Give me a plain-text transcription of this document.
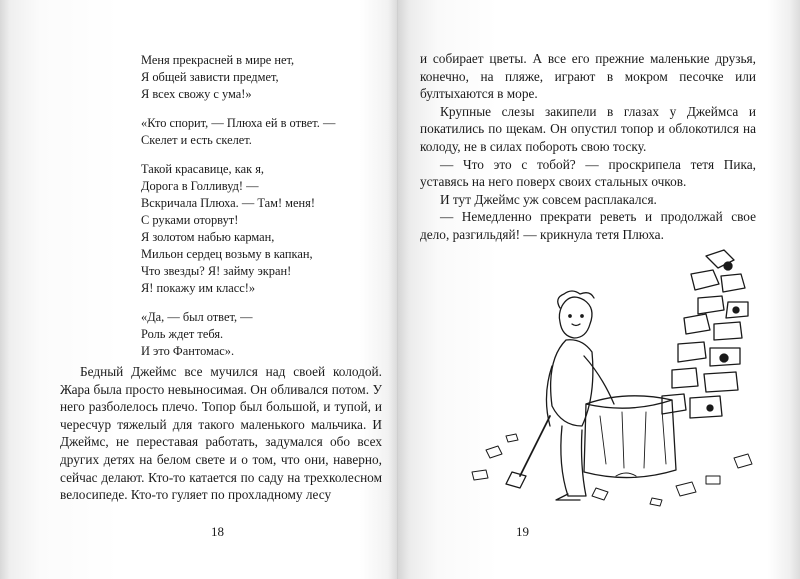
Меня прекрасней в мире нет,
Я общей зависти предмет,
Я всех свожу с ума!»
«Кто спорит, — Плюха ей в ответ. —
Скелет и есть скелет.
Такой красавице, как я,
Дорога в Голливуд! —
Вскричала Плюха. — Там! меня!
С руками оторвут!
Я золотом набью карман,
Мильон сердец возьму в капкан,
Что звезды? Я! займу экран!
Я! покажу им класс!»
«Да, — был ответ, —
Роль ждет тебя.
И это Фантомас».

Бедный Джеймс все мучился над своей колодой. Жара была просто невыносимая. Он обливался потом. У него разболелось плечо. Топор был большой, и тупой, и чересчур тяжелый для такого маленького мальчика. И Джеймс, не переставая работать, задумался обо всех других детях на белом свете и о том, что они, наверно, сейчас делают. Кто-то катается по саду на трехколесном велосипеде. Кто-то гуляет по прохладному лесу

18

и собирает цветы. А все его прежние маленькие друзья, конечно, на пляже, играют в мокром песочке или бултыхаются в море.

Крупные слезы закипели в глазах у Джеймса и покатились по щекам. Он опустил топор и облокотился на колоду, не в силах побороть свою тоску.

— Что это с тобой? — проскрипела тетя Пика, уставясь на него поверх своих стальных очков.

И тут Джеймс уж совсем расплакался.

— Немедленно прекрати реветь и продолжай свое дело, разгильдяй! — крикнула тетя Плюха.

19
